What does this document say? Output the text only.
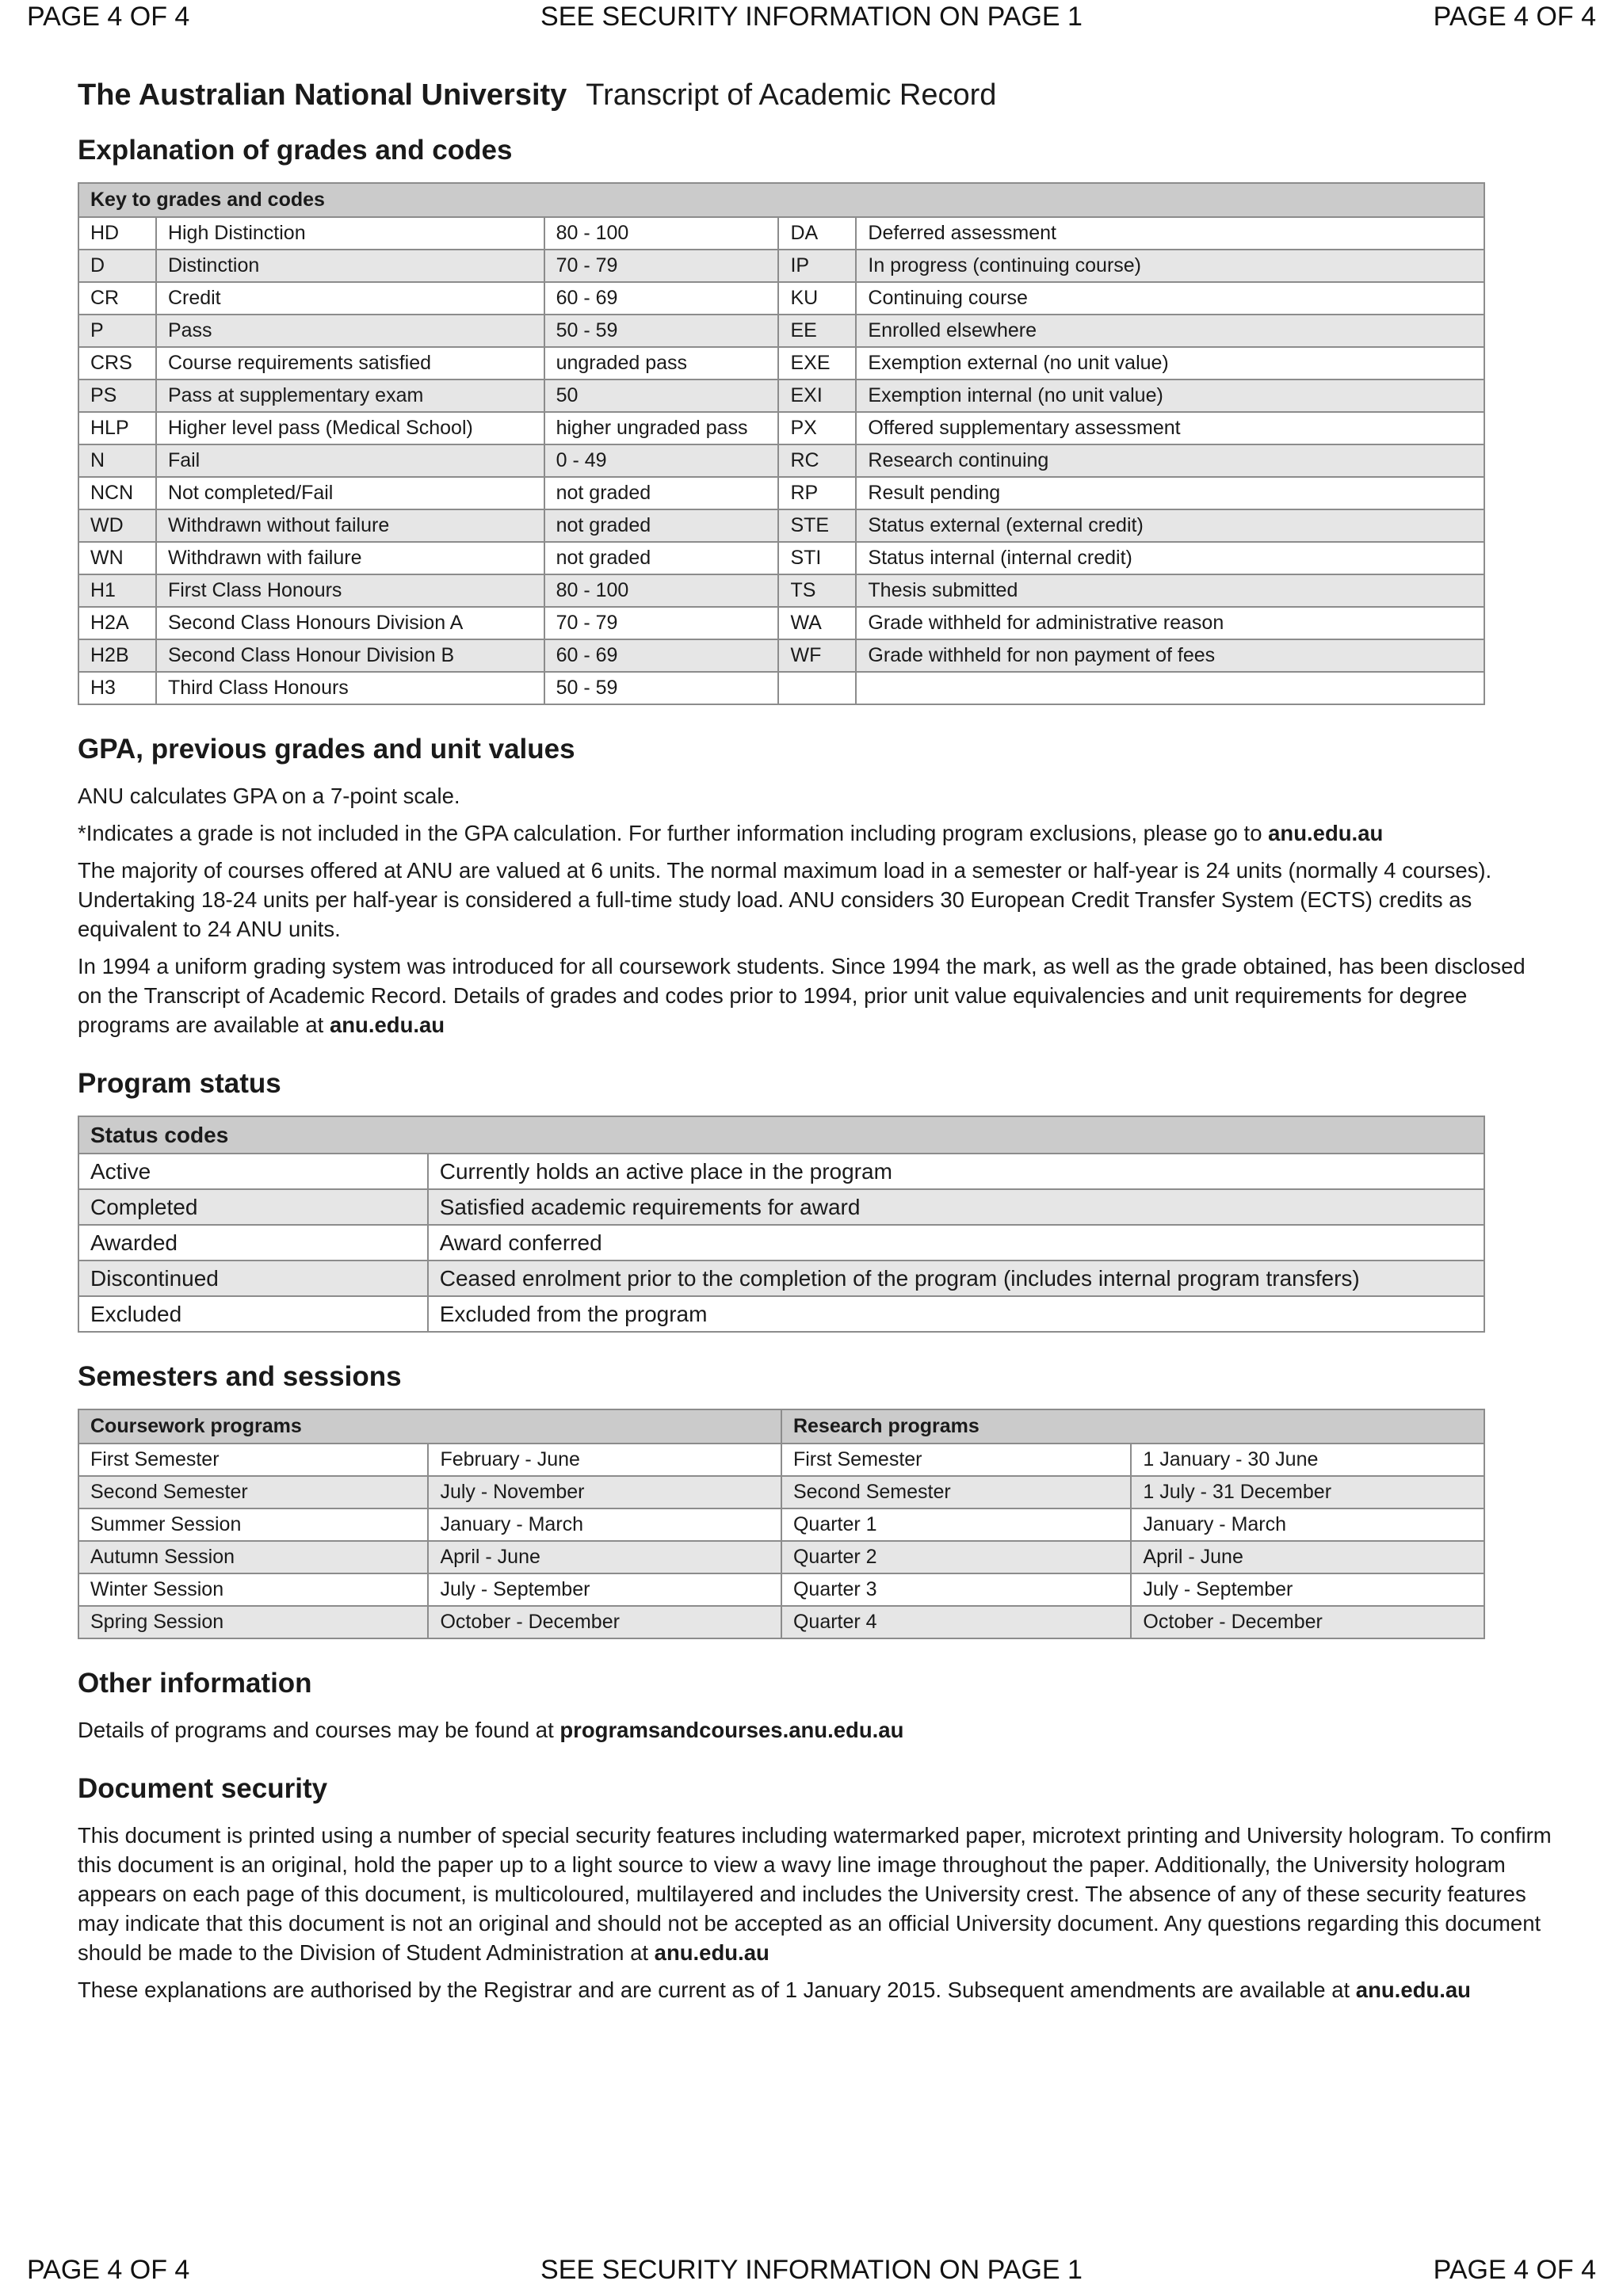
PAGE 4 OF 4	SEE SECURITY INFORMATION ON PAGE 1	PAGE 4 OF 4
The Australian National University Transcript of Academic Record
Explanation of grades and codes
Key to grades and codes				
HD	High Distinction	80 - 100	DA	Deferred assessment
D	Distinction	70 - 79	IP	In progress (continuing course)
CR	Credit	60 - 69	KU	Continuing course
P	Pass	50 - 59	EE	Enrolled elsewhere
CRS	Course requirements satisfied	ungraded pass	EXE	Exemption external (no unit value)
PS	Pass at supplementary exam	50	EXI	Exemption internal (no unit value)
HLP	Higher level pass (Medical School)	higher ungraded pass	PX	Offered supplementary assessment
N	Fail	0 - 49	RC	Research continuing
NCN	Not completed/Fail	not graded	RP	Result pending
WD	Withdrawn without failure	not graded	STE	Status external (external credit)
WN	Withdrawn with failure	not graded	STI	Status internal (internal credit)
H1	First Class Honours	80 - 100	TS	Thesis submitted
H2A	Second Class Honours Division A	70 - 79	WA	Grade withheld for administrative reason
H2B	Second Class Honour Division B	60 - 69	WF	Grade withheld for non payment of fees
H3	Third Class Honours	50 - 59		
GPA, previous grades and unit values

ANU calculates GPA on a 7-point scale.

*Indicates a grade is not included in the GPA calculation. For further information including program exclusions, please go to anu.edu.au

The majority of courses offered at ANU are valued at 6 units. The normal maximum load in a semester or half-year is 24 units (normally 4 courses). Undertaking 18-24 units per half-year is considered a full-time study load. ANU considers 30 European Credit Transfer System (ECTS) credits as equivalent to 24 ANU units.

In 1994 a uniform grading system was introduced for all coursework students. Since 1994 the mark, as well as the grade obtained, has been disclosed on the Transcript of Academic Record. Details of grades and codes prior to 1994, prior unit value equivalencies and unit requirements for degree programs are available at anu.edu.au

Program status
Status codes	
Active	Currently holds an active place in the program
Completed	Satisfied academic requirements for award
Awarded	Award conferred
Discontinued	Ceased enrolment prior to the completion of the program (includes internal program transfers)
Excluded	Excluded from the program
Semesters and sessions
Coursework programs		Research programs	
First Semester	February - June	First Semester	1 January - 30 June
Second Semester	July - November	Second Semester	1 July - 31 December
Summer Session	January - March	Quarter 1	January - March
Autumn Session	April - June	Quarter 2	April - June
Winter Session	July - September	Quarter 3	July - September
Spring Session	October - December	Quarter 4	October - December
Other information

Details of programs and courses may be found at programsandcourses.anu.edu.au

Document security

This document is printed using a number of special security features including watermarked paper, microtext printing and University hologram. To confirm this document is an original, hold the paper up to a light source to view a wavy line image throughout the paper. Additionally, the University hologram appears on each page of this document, is multicoloured, multilayered and includes the University crest. The absence of any of these security features may indicate that this document is not an original and should not be accepted as an official University document. Any questions regarding this document should be made to the Division of Student Administration at anu.edu.au

These explanations are authorised by the Registrar and are current as of 1 January 2015. Subsequent amendments are available at anu.edu.au

PAGE 4 OF 4	SEE SECURITY INFORMATION ON PAGE 1	PAGE 4 OF 4
